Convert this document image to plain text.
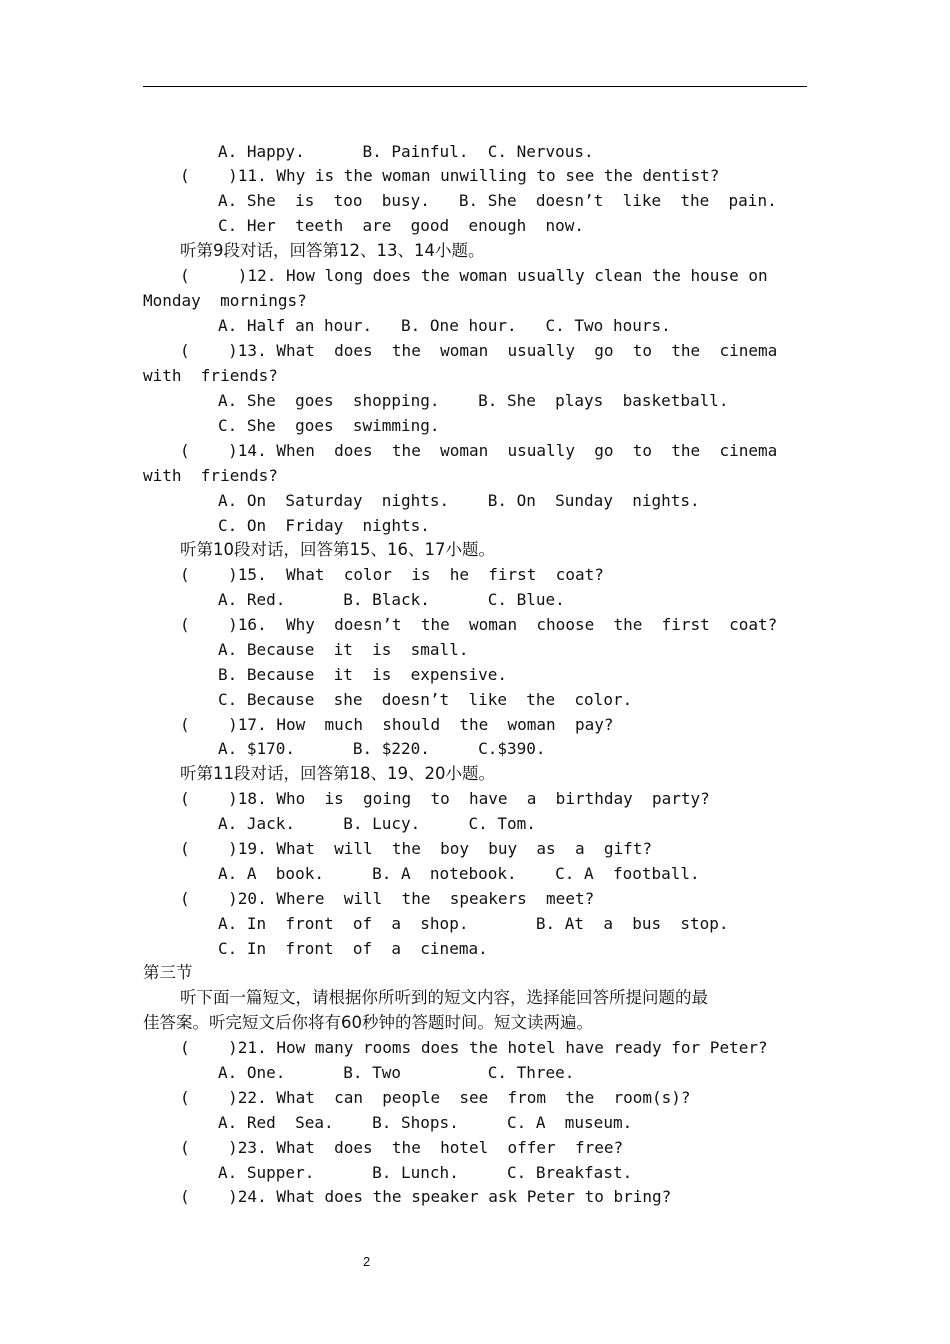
A. Happy.      B. Painful.  C. Nervous.
(    )11. Why is the woman unwilling to see the dentist?
A. She  is  too  busy.   B. She  doesn’t  like  the  pain.
C. Her  teeth  are  good  enough  now.
听第9段对话，回答第12、13、14小题。
(     )12. How long does the woman usually clean the house on
Monday  mornings?
A. Half an hour.   B. One hour.   C. Two hours.
(    )13. What  does  the  woman  usually  go  to  the  cinema
with  friends?
A. She  goes  shopping.    B. She  plays  basketball.
C. She  goes  swimming.
(    )14. When  does  the  woman  usually  go  to  the  cinema
with  friends?
A. On  Saturday  nights.    B. On  Sunday  nights.
C. On  Friday  nights.
听第10段对话，回答第15、16、17小题。
(    )15.  What  color  is  he  first  coat?
A. Red.      B. Black.      C. Blue.
(    )16.  Why  doesn’t  the  woman  choose  the  first  coat?
A. Because  it  is  small.
B. Because  it  is  expensive.
C. Because  she  doesn’t  like  the  color.
(    )17. How  much  should  the  woman  pay?
A. $170.      B. $220.     C.$390.
听第11段对话，回答第18、19、20小题。
(    )18. Who  is  going  to  have  a  birthday  party?
A. Jack.     B. Lucy.     C. Tom.
(    )19. What  will  the  boy  buy  as  a  gift?
A. A  book.     B. A  notebook.    C. A  football.
(    )20. Where  will  the  speakers  meet?
A. In  front  of  a  shop.       B. At  a  bus  stop.
C. In  front  of  a  cinema.
第三节
听下面一篇短文，请根据你所听到的短文内容，选择能回答所提问题的最
佳答案。听完短文后你将有60秒钟的答题时间。短文读两遍。
(    )21. How many rooms does the hotel have ready for Peter?
A. One.      B. Two         C. Three.
(    )22. What  can  people  see  from  the  room(s)?
A. Red  Sea.    B. Shops.     C. A  museum.
(    )23. What  does  the  hotel  offer  free?
A. Supper.      B. Lunch.     C. Breakfast.
(    )24. What does the speaker ask Peter to bring?
2
